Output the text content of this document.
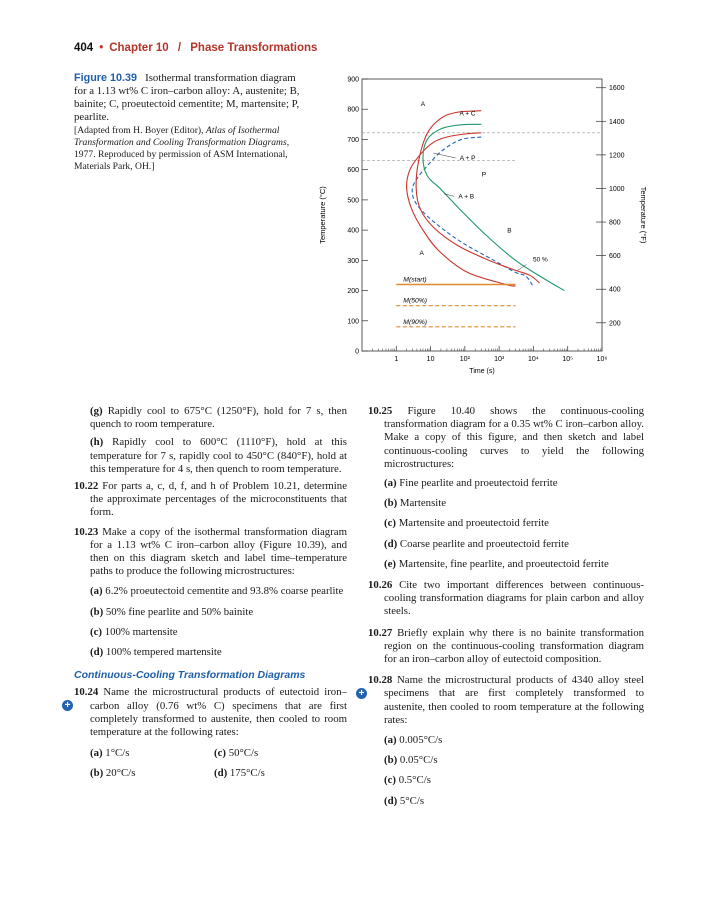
404 • Chapter 10 / Phase Transformations
Figure 10.39 Isothermal transformation diagram for a 1.13 wt% C iron–carbon alloy: A, austenite; B, bainite; C, proeutectoid cementite; M, martensite; P, pearlite.
[Adapted from H. Boyer (Editor), Atlas of Isothermal Transformation and Cooling Transformation Diagrams, 1977. Reproduced by permission of ASM International, Materials Park, OH.]
0
100
200
300
400
500
600
700
800
900
200
400
600
800
1000
1200
1400
1600
1	10	10²	10³	10⁴	10⁵	10⁶
A
A + C
A + P
P
A + B
B
A
50 %
M(start)
M(50%)
M(90%)
Temperature (°C)	Temperature (°F)
Time (s)

(g) Rapidly cool to 675°C (1250°F), hold for 7 s, then quench to room temperature.

(h) Rapidly cool to 600°C (1110°F), hold at this temperature for 7 s, rapidly cool to 450°C (840°F), hold at this temperature for 4 s, then quench to room temperature.

10.22 For parts a, c, d, f, and h of Problem 10.21, determine the approximate percentages of the microconstituents that form.

10.23 Make a copy of the isothermal transformation diagram for a 1.13 wt% C iron–carbon alloy (Figure 10.39), and then on this diagram sketch and label time–temperature paths to produce the following microstructures:

(a) 6.2% proeutectoid cementite and 93.8% coarse pearlite

(b) 50% fine pearlite and 50% bainite

(c) 100% martensite

(d) 100% tempered martensite

Continuous-Cooling Transformation Diagrams

+
10.24 Name the microstructural products of eutectoid iron–carbon alloy (0.76 wt% C) specimens that are first completely transformed to austenite, then cooled to room temperature at the following rates:

(a) 1°C/s	(c) 50°C/s
(b) 20°C/s	(d) 175°C/s

10.25 Figure 10.40 shows the continuous-cooling transformation diagram for a 0.35 wt% C iron–carbon alloy. Make a copy of this figure, and then sketch and label continuous-cooling curves to yield the following microstructures:

(a) Fine pearlite and proeutectoid ferrite

(b) Martensite

(c) Martensite and proeutectoid ferrite

(d) Coarse pearlite and proeutectoid ferrite

(e) Martensite, fine pearlite, and proeutectoid ferrite

10.26 Cite two important differences between continuous-cooling transformation diagrams for plain carbon and alloy steels.

10.27 Briefly explain why there is no bainite transformation region on the continuous-cooling transformation diagram for an iron–carbon alloy of eutectoid composition.

+
10.28 Name the microstructural products of 4340 alloy steel specimens that are first completely transformed to austenite, then cooled to room temperature at the following rates:

(a) 0.005°C/s

(b) 0.05°C/s

(c) 0.5°C/s

(d) 5°C/s
